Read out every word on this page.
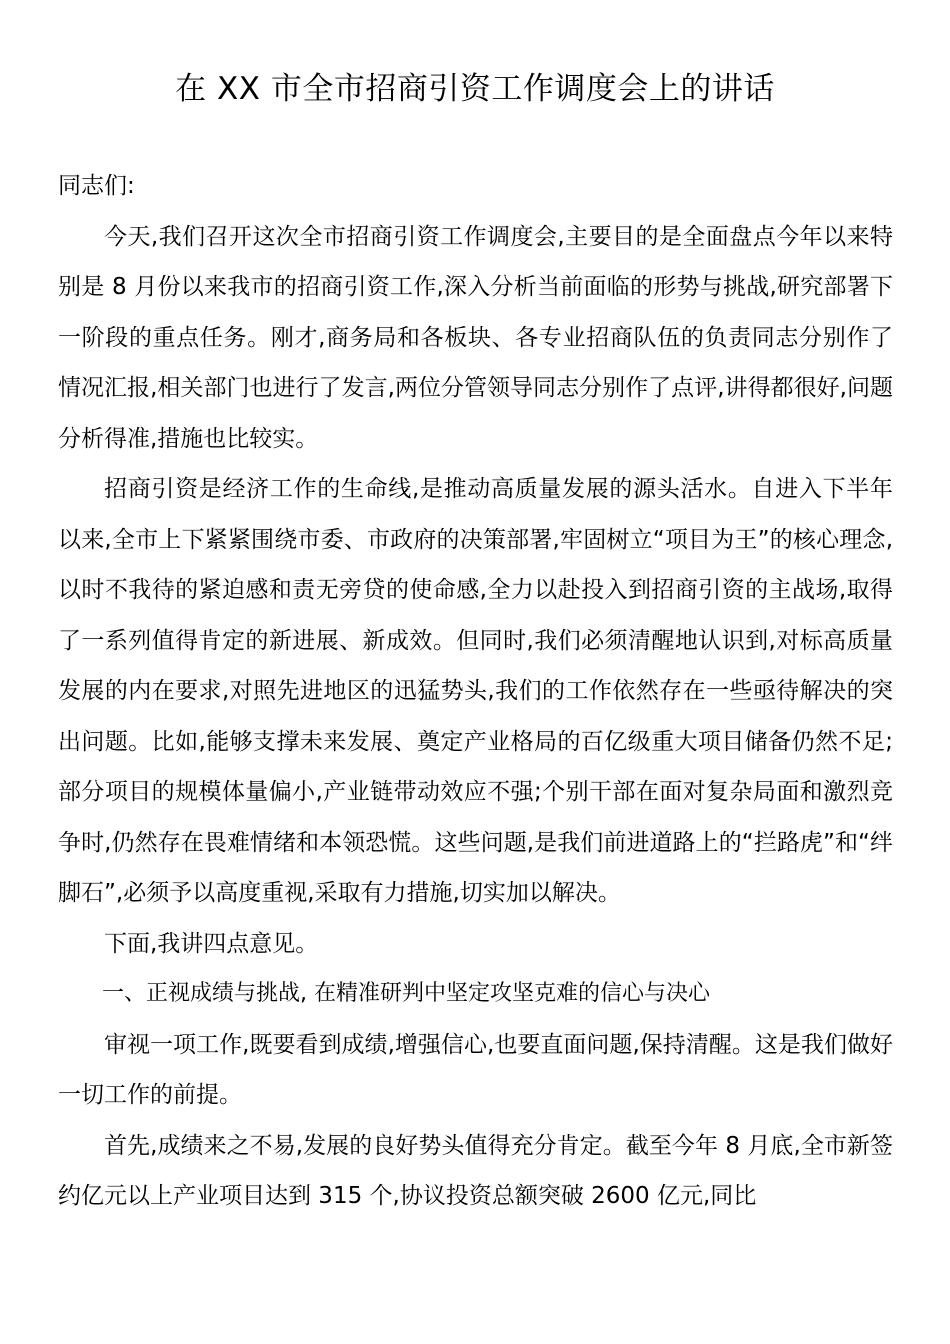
在 XX 市全市招商引资工作调度会上的讲话

同志们:

今天,我们召开这次全市招商引资工作调度会,主要目的是全面盘点今年以来特别是 8 月份以来我市的招商引资工作,深入分析当前面临的形势与挑战,研究部署下一阶段的重点任务。刚才,商务局和各板块、各专业招商队伍的负责同志分别作了情况汇报,相关部门也进行了发言,两位分管领导同志分别作了点评,讲得都很好,问题分析得准,措施也比较实。

招商引资是经济工作的生命线,是推动高质量发展的源头活水。自进入下半年以来,全市上下紧紧围绕市委、市政府的决策部署,牢固树立“项目为王”的核心理念,以时不我待的紧迫感和责无旁贷的使命感,全力以赴投入到招商引资的主战场,取得了一系列值得肯定的新进展、新成效。但同时,我们必须清醒地认识到,对标高质量发展的内在要求,对照先进地区的迅猛势头,我们的工作依然存在一些亟待解决的突出问题。比如,能够支撑未来发展、奠定产业格局的百亿级重大项目储备仍然不足;部分项目的规模体量偏小,产业链带动效应不强;个别干部在面对复杂局面和激烈竞争时,仍然存在畏难情绪和本领恐慌。这些问题,是我们前进道路上的“拦路虎”和“绊脚石”,必须予以高度重视,采取有力措施,切实加以解决。

下面,我讲四点意见。

一、正视成绩与挑战, 在精准研判中坚定攻坚克难的信心与决心

审视一项工作,既要看到成绩,增强信心,也要直面问题,保持清醒。这是我们做好一切工作的前提。

首先,成绩来之不易,发展的良好势头值得充分肯定。截至今年 8 月底,全市新签约亿元以上产业项目达到 315 个,协议投资总额突破 2600 亿元,同比
